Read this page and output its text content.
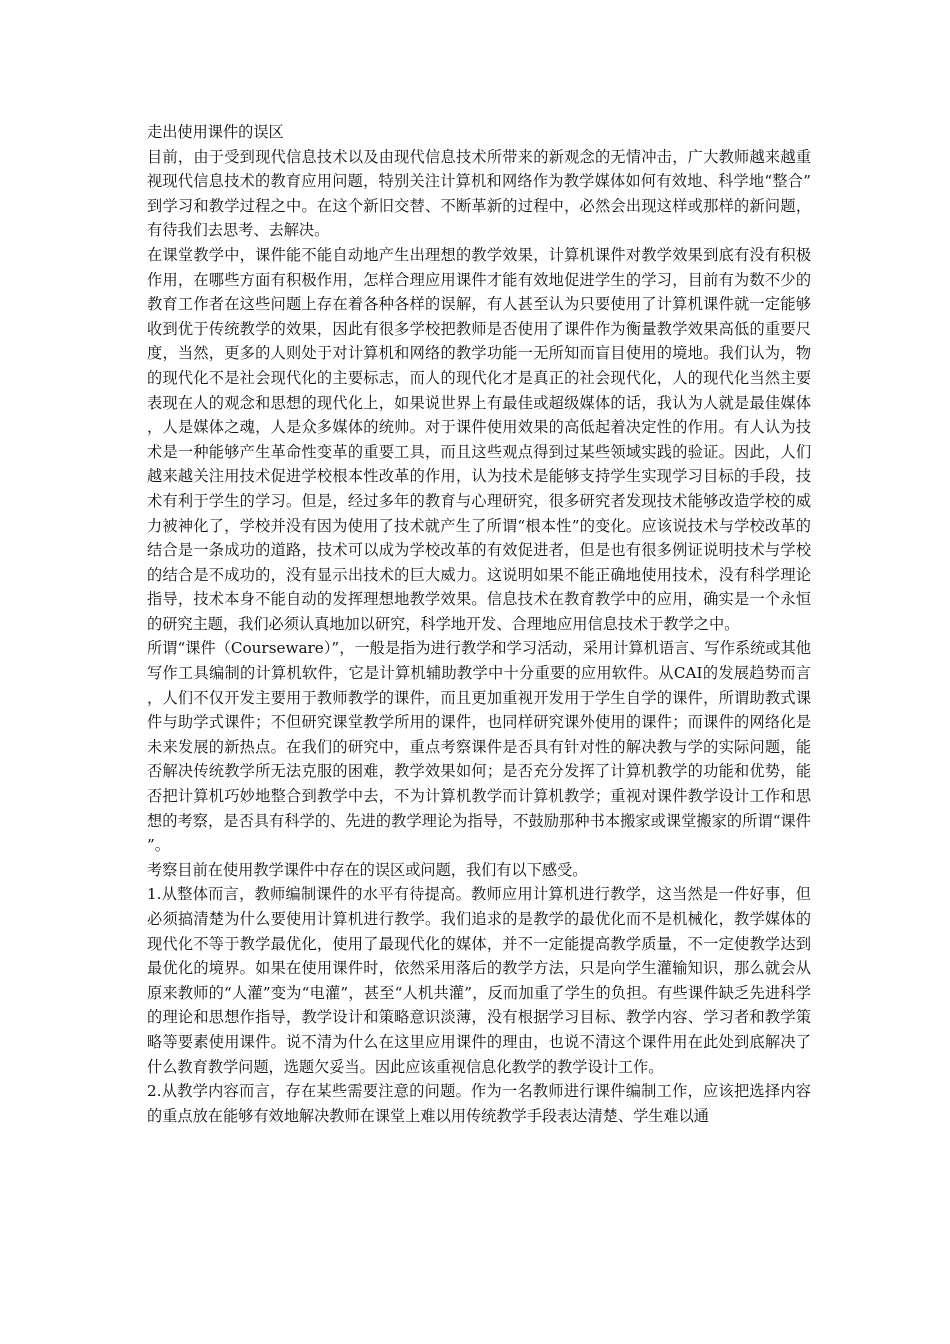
走出使用课件的误区

目前，由于受到现代信息技术以及由现代信息技术所带来的新观念的无情冲击，广大教师越来越重视现代信息技术的教育应用问题，特别关注计算机和网络作为教学媒体如何有效地、科学地“整合”到学习和教学过程之中。在这个新旧交替、不断革新的过程中，必然会出现这样或那样的新问题，有待我们去思考、去解决。

在课堂教学中，课件能不能自动地产生出理想的教学效果，计算机课件对教学效果到底有没有积极作用，在哪些方面有积极作用，怎样合理应用课件才能有效地促进学生的学习，目前有为数不少的教育工作者在这些问题上存在着各种各样的误解，有人甚至认为只要使用了计算机课件就一定能够收到优于传统教学的效果，因此有很多学校把教师是否使用了课件作为衡量教学效果高低的重要尺度，当然，更多的人则处于对计算机和网络的教学功能一无所知而盲目使用的境地。我们认为，物的现代化不是社会现代化的主要标志，而人的现代化才是真正的社会现代化，人的现代化当然主要表现在人的观念和思想的现代化上，如果说世界上有最佳或超级媒体的话，我认为人就是最佳媒体，人是媒体之魂，人是众多媒体的统帅。对于课件使用效果的高低起着决定性的作用。有人认为技术是一种能够产生革命性变革的重要工具，而且这些观点得到过某些领域实践的验证。因此，人们越来越关注用技术促进学校根本性改革的作用，认为技术是能够支持学生实现学习目标的手段，技术有利于学生的学习。但是，经过多年的教育与心理研究，很多研究者发现技术能够改造学校的威力被神化了，学校并没有因为使用了技术就产生了所谓“根本性”的变化。应该说技术与学校改革的结合是一条成功的道路，技术可以成为学校改革的有效促进者，但是也有很多例证说明技术与学校的结合是不成功的，没有显示出技术的巨大威力。这说明如果不能正确地使用技术，没有科学理论指导，技术本身不能自动的发挥理想地教学效果。信息技术在教育教学中的应用，确实是一个永恒的研究主题，我们必须认真地加以研究，科学地开发、合理地应用信息技术于教学之中。

所谓“课件（Courseware）”，一般是指为进行教学和学习活动，采用计算机语言、写作系统或其他写作工具编制的计算机软件，它是计算机辅助教学中十分重要的应用软件。从CAI的发展趋势而言，人们不仅开发主要用于教师教学的课件，而且更加重视开发用于学生自学的课件，所谓助教式课件与助学式课件；不但研究课堂教学所用的课件，也同样研究课外使用的课件；而课件的网络化是未来发展的新热点。在我们的研究中，重点考察课件是否具有针对性的解决教与学的实际问题，能否解决传统教学所无法克服的困难，教学效果如何；是否充分发挥了计算机教学的功能和优势，能否把计算机巧妙地整合到教学中去，不为计算机教学而计算机教学；重视对课件教学设计工作和思想的考察，是否具有科学的、先进的教学理论为指导，不鼓励那种书本搬家或课堂搬家的所谓“课件”。

考察目前在使用教学课件中存在的误区或问题，我们有以下感受。

1.从整体而言，教师编制课件的水平有待提高。教师应用计算机进行教学，这当然是一件好事，但必须搞清楚为什么要使用计算机进行教学。我们追求的是教学的最优化而不是机械化，教学媒体的现代化不等于教学最优化，使用了最现代化的媒体，并不一定能提高教学质量，不一定使教学达到最优化的境界。如果在使用课件时，依然采用落后的教学方法，只是向学生灌输知识，那么就会从原来教师的“人灌”变为“电灌”，甚至“人机共灌”，反而加重了学生的负担。有些课件缺乏先进科学的理论和思想作指导，教学设计和策略意识淡薄，没有根据学习目标、教学内容、学习者和教学策略等要素使用课件。说不清为什么在这里应用课件的理由，也说不清这个课件用在此处到底解决了什么教育教学问题，选题欠妥当。因此应该重视信息化教学的教学设计工作。

2.从教学内容而言，存在某些需要注意的问题。作为一名教师进行课件编制工作，应该把选择内容的重点放在能够有效地解决教师在课堂上难以用传统教学手段表达清楚、学生难以通
